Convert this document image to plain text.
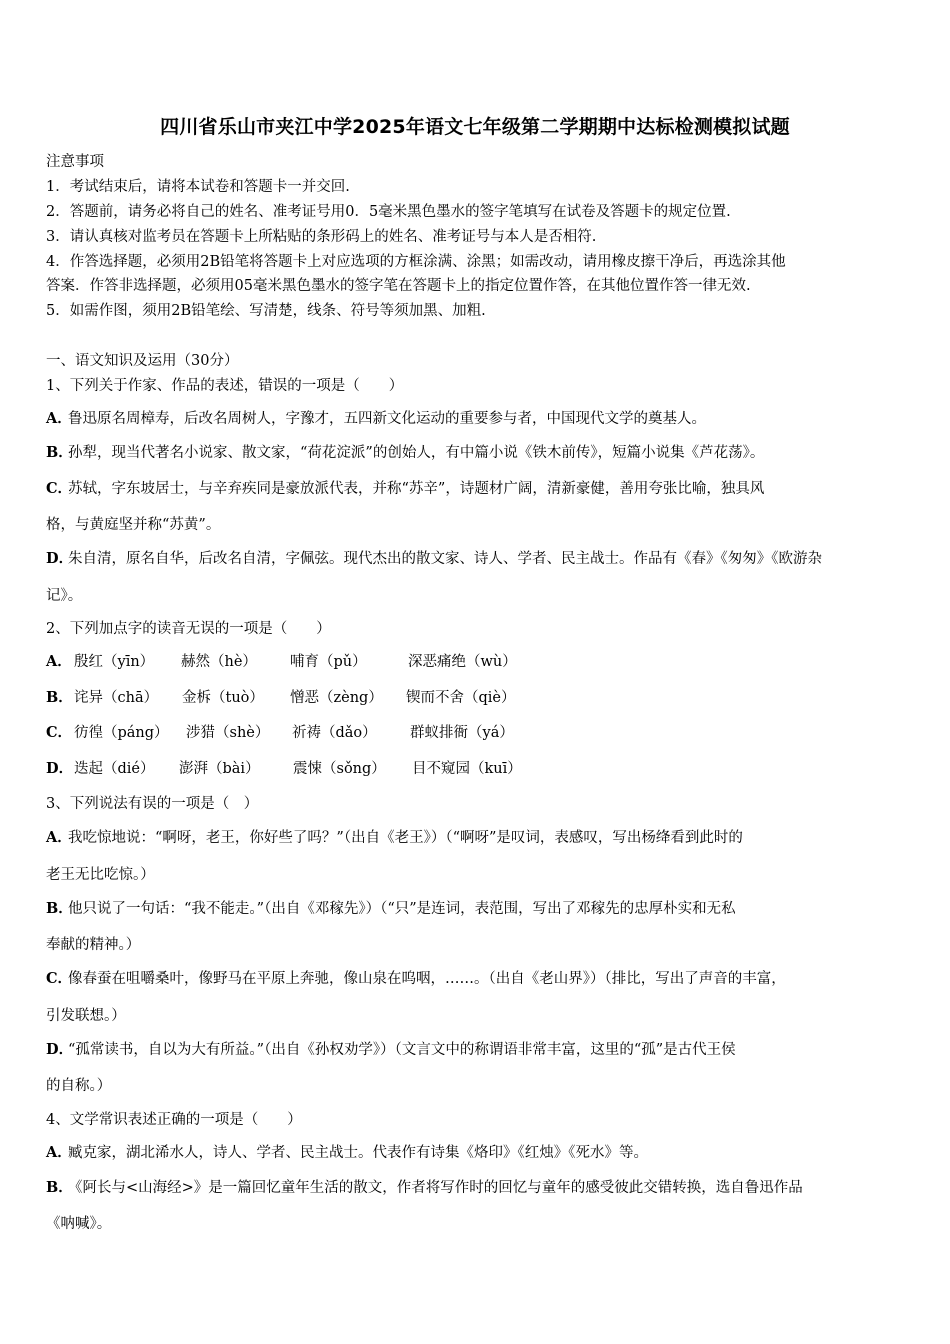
四川省乐山市夹江中学2025年语文七年级第二学期期中达标检测模拟试题
注意事项
1．考试结束后，请将本试卷和答题卡一并交回.
2．答题前，请务必将自己的姓名、准考证号用0．5毫米黑色墨水的签字笔填写在试卷及答题卡的规定位置.
3．请认真核对监考员在答题卡上所粘贴的条形码上的姓名、准考证号与本人是否相符.
4．作答选择题，必须用2B铅笔将答题卡上对应选项的方框涂满、涂黑；如需改动，请用橡皮擦干净后，再选涂其他
答案．作答非选择题，必须用05毫米黑色墨水的签字笔在答题卡上的指定位置作答，在其他位置作答一律无效.
5．如需作图，须用2B铅笔绘、写清楚，线条、符号等须加黑、加粗.
一、语文知识及运用（30分）
1、下列关于作家、作品的表述，错误的一项是（　　）
A．鲁迅原名周樟寿，后改名周树人，字豫才，五四新文化运动的重要参与者，中国现代文学的奠基人。
B．孙犁，现当代著名小说家、散文家，“荷花淀派”的创始人，有中篇小说《铁木前传》，短篇小说集《芦花荡》。
C．苏轼，字东坡居士，与辛弃疾同是豪放派代表，并称“苏辛”，诗题材广阔，清新豪健，善用夸张比喻，独具风
格，与黄庭坚并称“苏黄”。
D．朱自清，原名自华，后改名自清，字佩弦。现代杰出的散文家、诗人、学者、民主战士。作品有《春》《匆匆》《欧游杂
记》。
2、下列加点字的读音无误的一项是（　　）
A． 殷红（yīn） 赫然（hè） 哺育（pǔ）	深恶痛绝（wù）
B． 诧异（chā） 金柝（tuò） 憎恶（zèng） 锲而不舍（qiè）
C． 彷徨（páng） 涉猎（shè） 祈祷（dǎo） 群蚁排衙（yá）
D． 迭起（dié） 澎湃（bài） 震悚（sǒng） 目不窥园（kuī）
3、下列说法有误的一项是（　）
A．我吃惊地说：“啊呀，老王，你好些了吗？”（出自《老王》）（“啊呀”是叹词，表感叹，写出杨绛看到此时的
老王无比吃惊。）
B．他只说了一句话：“我不能走。”（出自《邓稼先》）（“只”是连词，表范围，写出了邓稼先的忠厚朴实和无私
奉献的精神。）
C．像春蚕在咀嚼桑叶，像野马在平原上奔驰，像山泉在呜咽，……。（出自《老山界》）（排比，写出了声音的丰富，
引发联想。）
D．“孤常读书，自以为大有所益。”（出自《孙权劝学》）（文言文中的称谓语非常丰富，这里的“孤”是古代王侯
的自称。）
4、文学常识表述正确的一项是（　　）
A．臧克家，湖北浠水人，诗人、学者、民主战士。代表作有诗集《烙印》《红烛》《死水》等。
B．《阿长与<山海经>》是一篇回忆童年生活的散文，作者将写作时的回忆与童年的感受彼此交错转换，选自鲁迅作品
《呐喊》。
